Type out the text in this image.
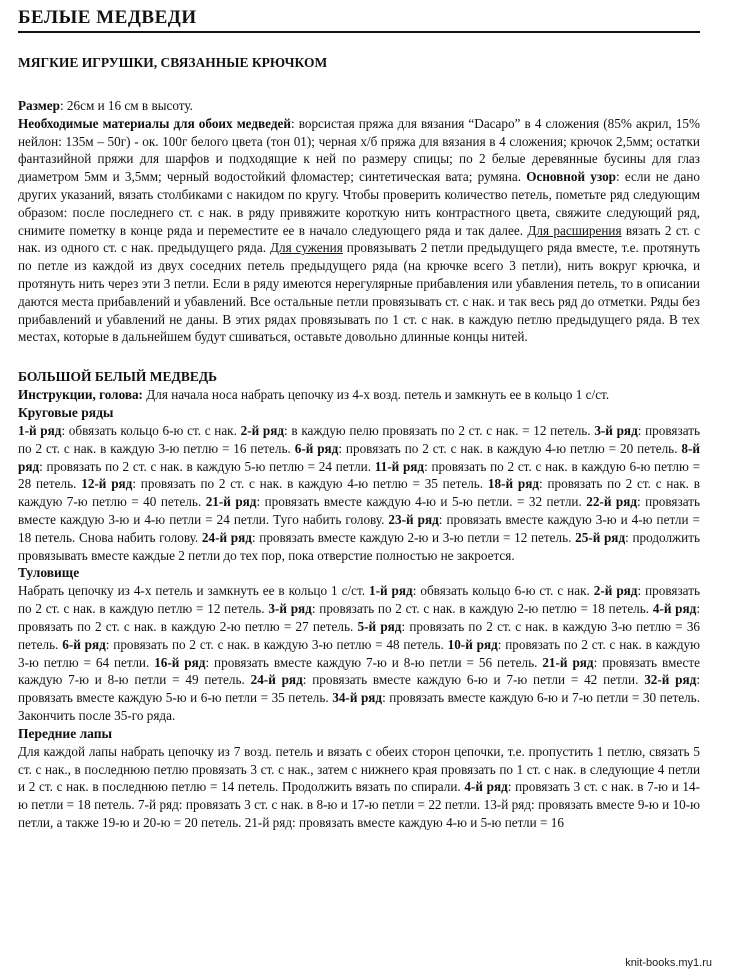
БЕЛЫЕ МЕДВЕДИ
МЯГКИЕ ИГРУШКИ, СВЯЗАННЫЕ КРЮЧКОМ

Размер: 26см и 16 см в высоту.
Необходимые материалы для обоих медведей: ворсистая пряжа для вязания “Dacapo” в 4 сложения (85% акрил, 15% нейлон: 135м – 50г) - ок. 100г белого цвета (тон 01); черная х/б пряжа для вязания в 4 сложения; крючок 2,5мм; остатки фантазийной пряжи для шарфов и подходящие к ней по размеру спицы; по 2 белые деревянные бусины для глаз диаметром 5мм и 3,5мм; черный водостойкий фломастер; синтетическая вата; румяна. Основной узор: если не дано других указаний, вязать столбиками с накидом по кругу. Чтобы проверить количество петель, пометьте ряд следующим образом: после последнего ст. с нак. в ряду привяжите короткую нить контрастного цвета, свяжите следующий ряд, снимите пометку в конце ряда и переместите ее в начало следующего ряда и так далее. Для расширения вязать 2 ст. с нак. из одного ст. с нак. предыдущего ряда. Для сужения провязывать 2 петли предыдущего ряда вместе, т.е. протянуть по петле из каждой из двух соседних петель предыдущего ряда (на крючке всего 3 петли), нить вокруг крючка, и протянуть нить через эти 3 петли. Если в ряду имеются нерегулярные прибавления или убавления петель, то в описании даются места прибавлений и убавлений. Все остальные петли провязывать ст. с нак. и так весь ряд до отметки. Ряды без прибавлений и убавлений не даны. В этих рядах провязывать по 1 ст. с нак. в каждую петлю предыдущего ряда. В тех местах, которые в дальнейшем будут сшиваться, оставьте довольно длинные концы нитей.

БОЛЬШОЙ БЕЛЫЙ МЕДВЕДЬ

Инструкции, голова: Для начала носа набрать цепочку из 4-х возд. петель и замкнуть ее в кольцо 1 с/ст.

Круговые ряды

1-й ряд: обвязать кольцо 6-ю ст. с нак. 2-й ряд: в каждую пелю провязать по 2 ст. с нак. = 12 петель. 3-й ряд: провязать по 2 ст. с нак. в каждую 3-ю петлю = 16 петель. 6-й ряд: провязать по 2 ст. с нак. в каждую 4-ю петлю = 20 петель. 8-й ряд: провязать по 2 ст. с нак. в каждую 5-ю петлю = 24 петли. 11-й ряд: провязать по 2 ст. с нак. в каждую 6-ю петлю = 28 петель. 12-й ряд: провязать по 2 ст. с нак. в каждую 4-ю петлю = 35 петель. 18-й ряд: провязать по 2 ст. с нак. в каждую 7-ю петлю = 40 петель. 21-й ряд: провязать вместе каждую 4-ю и 5-ю петли. = 32 петли. 22-й ряд: провязать вместе каждую 3-ю и 4-ю петли = 24 петли. Туго набить голову. 23-й ряд: провязать вместе каждую 3-ю и 4-ю петли = 18 петель. Снова набить голову. 24-й ряд: провязать вместе каждую 2-ю и 3-ю петли = 12 петель. 25-й ряд: продолжить провязывать вместе каждые 2 петли до тех пор, пока отверстие полностью не закроется.

Туловище

Набрать цепочку из 4-х петель и замкнуть ее в кольцо 1 с/ст. 1-й ряд: обвязать кольцо 6-ю ст. с нак. 2-й ряд: провязать по 2 ст. с нак. в каждую петлю = 12 петель. 3-й ряд: провязать по 2 ст. с нак. в каждую 2-ю петлю = 18 петель. 4-й ряд: провязать по 2 ст. с нак. в каждую 2-ю петлю = 27 петель. 5-й ряд: провязать по 2 ст. с нак. в каждую 3-ю петлю = 36 петель. 6-й ряд: провязать по 2 ст. с нак. в каждую 3-ю петлю = 48 петель. 10-й ряд: провязать по 2 ст. с нак. в каждую 3-ю петлю = 64 петли. 16-й ряд: провязать вместе каждую 7-ю и 8-ю петли = 56 петель. 21-й ряд: провязать вместе каждую 7-ю и 8-ю петли = 49 петель. 24-й ряд: провязать вместе каждую 6-ю и 7-ю петли = 42 петли. 32-й ряд: провязать вместе каждую 5-ю и 6-ю петли = 35 петель. 34-й ряд: провязать вместе каждую 6-ю и 7-ю петли = 30 петель. Закончить после 35-го ряда.

Передние лапы

Для каждой лапы набрать цепочку из 7 возд. петель и вязать с обеих сторон цепочки, т.е. пропустить 1 петлю, связать 5 ст. с нак., в последнюю петлю провязать 3 ст. с нак., затем с нижнего края провязать по 1 ст. с нак. в следующие 4 петли и 2 ст. с нак. в последнюю петлю = 14 петель. Продолжить вязать по спирали. 4-й ряд: провязать 3 ст. с нак. в 7-ю и 14-ю петли = 18 петель. 7-й ряд: провязать 3 ст. с нак. в 8-ю и 17-ю петли = 22 петли. 13-й ряд: провязать вместе 9-ю и 10-ю петли, а также 19-ю и 20-ю = 20 петель. 21-й ряд: провязать вместе каждую 4-ю и 5-ю петли = 16

knit-books.my1.ru
